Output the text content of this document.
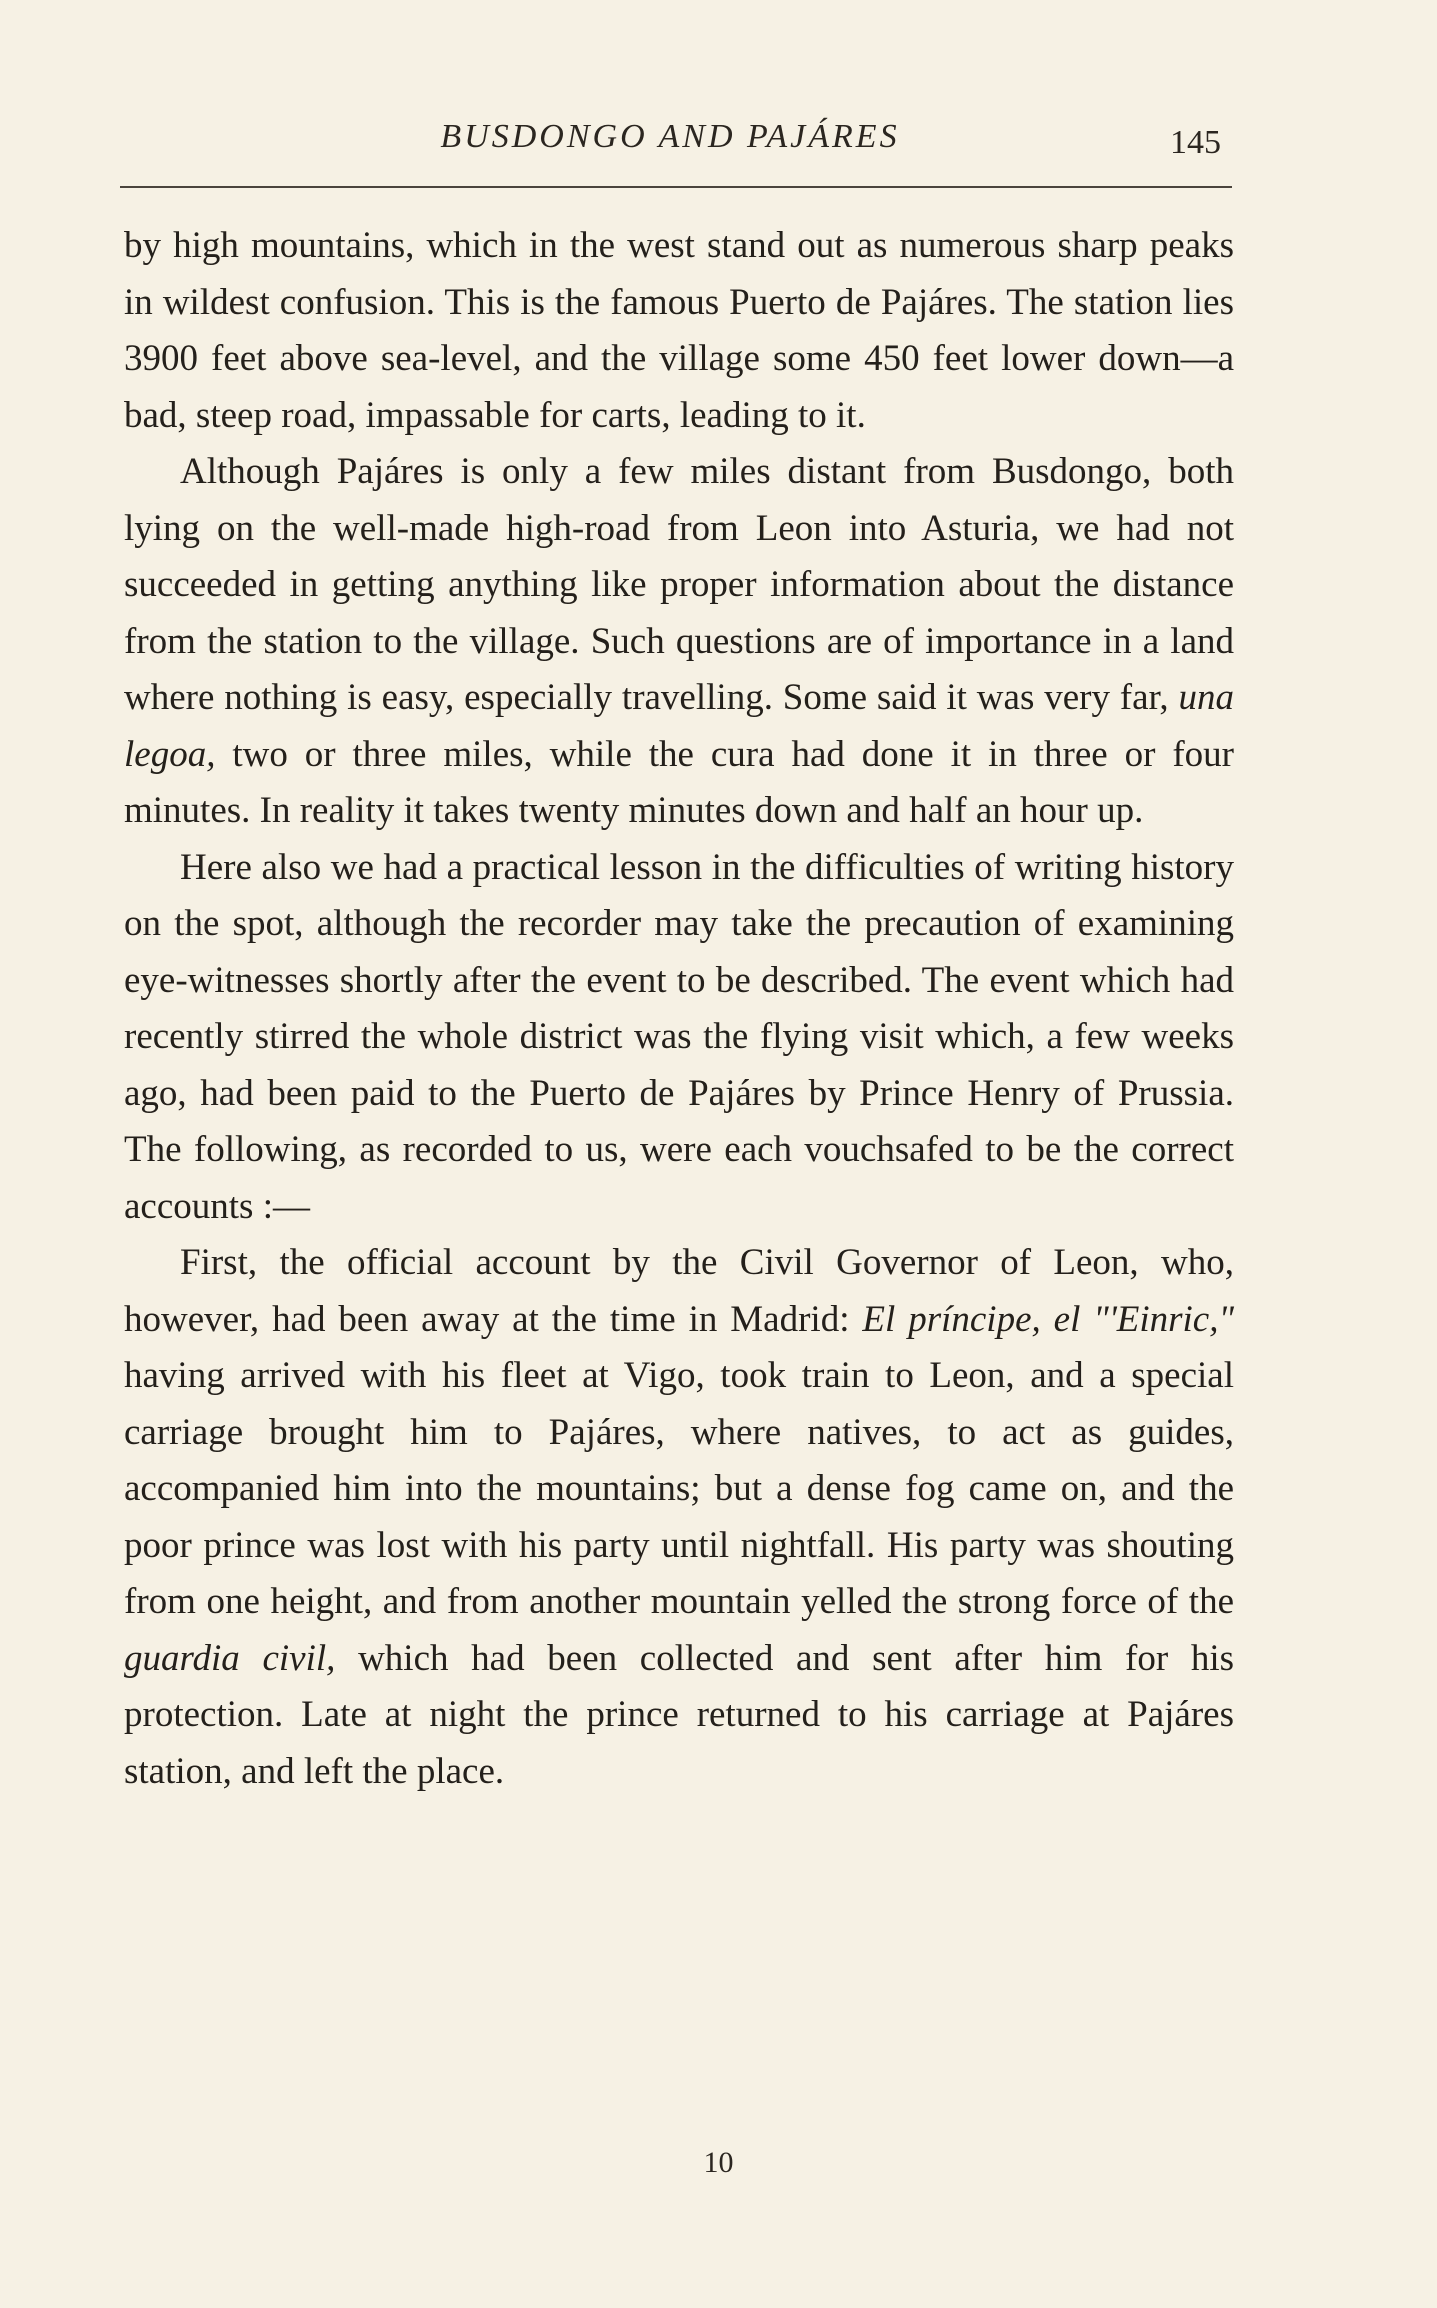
BUSDONGO AND PAJÁRES	145

by high mountains, which in the west stand out as numerous sharp peaks in wildest confusion. This is the famous Puerto de Pajáres. The station lies 3900 feet above sea-level, and the village some 450 feet lower down—a bad, steep road, impassable for carts, leading to it.

Although Pajáres is only a few miles distant from Busdongo, both lying on the well-made high-road from Leon into Asturia, we had not succeeded in getting anything like proper information about the distance from the station to the village. Such questions are of importance in a land where nothing is easy, especially travelling. Some said it was very far, una legoa, two or three miles, while the cura had done it in three or four minutes. In reality it takes twenty minutes down and half an hour up.

Here also we had a practical lesson in the difficulties of writing history on the spot, although the recorder may take the precaution of examining eye-witnesses shortly after the event to be described. The event which had recently stirred the whole district was the flying visit which, a few weeks ago, had been paid to the Puerto de Pajáres by Prince Henry of Prussia. The following, as recorded to us, were each vouchsafed to be the correct accounts :—

First, the official account by the Civil Governor of Leon, who, however, had been away at the time in Madrid: El príncipe, el "'Einric," having arrived with his fleet at Vigo, took train to Leon, and a special carriage brought him to Pajáres, where natives, to act as guides, accompanied him into the mountains; but a dense fog came on, and the poor prince was lost with his party until nightfall. His party was shouting from one height, and from another mountain yelled the strong force of the guardia civil, which had been collected and sent after him for his protection. Late at night the prince returned to his carriage at Pajáres station, and left the place.

10
